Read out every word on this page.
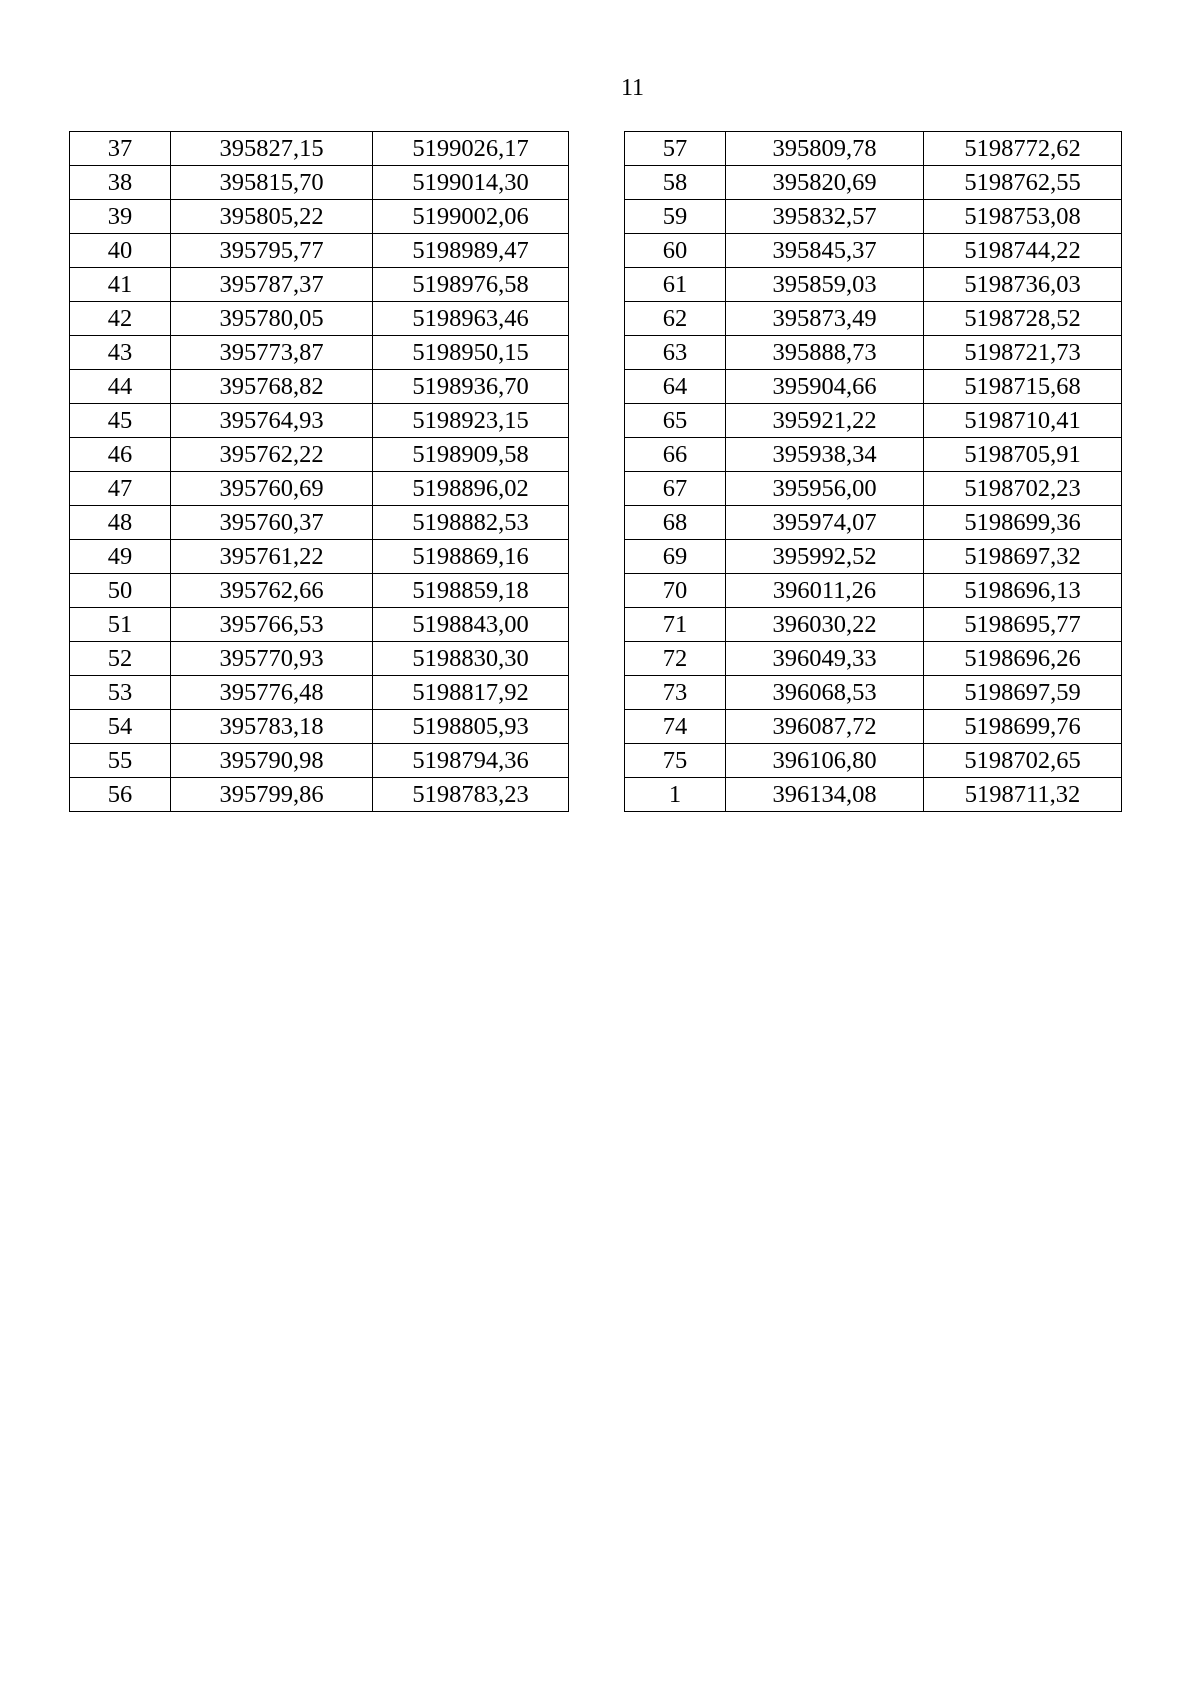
11
37	395827,15	5199026,17
38	395815,70	5199014,30
39	395805,22	5199002,06
40	395795,77	5198989,47
41	395787,37	5198976,58
42	395780,05	5198963,46
43	395773,87	5198950,15
44	395768,82	5198936,70
45	395764,93	5198923,15
46	395762,22	5198909,58
47	395760,69	5198896,02
48	395760,37	5198882,53
49	395761,22	5198869,16
50	395762,66	5198859,18
51	395766,53	5198843,00
52	395770,93	5198830,30
53	395776,48	5198817,92
54	395783,18	5198805,93
55	395790,98	5198794,36
56	395799,86	5198783,23
57	395809,78	5198772,62
58	395820,69	5198762,55
59	395832,57	5198753,08
60	395845,37	5198744,22
61	395859,03	5198736,03
62	395873,49	5198728,52
63	395888,73	5198721,73
64	395904,66	5198715,68
65	395921,22	5198710,41
66	395938,34	5198705,91
67	395956,00	5198702,23
68	395974,07	5198699,36
69	395992,52	5198697,32
70	396011,26	5198696,13
71	396030,22	5198695,77
72	396049,33	5198696,26
73	396068,53	5198697,59
74	396087,72	5198699,76
75	396106,80	5198702,65
1	396134,08	5198711,32
